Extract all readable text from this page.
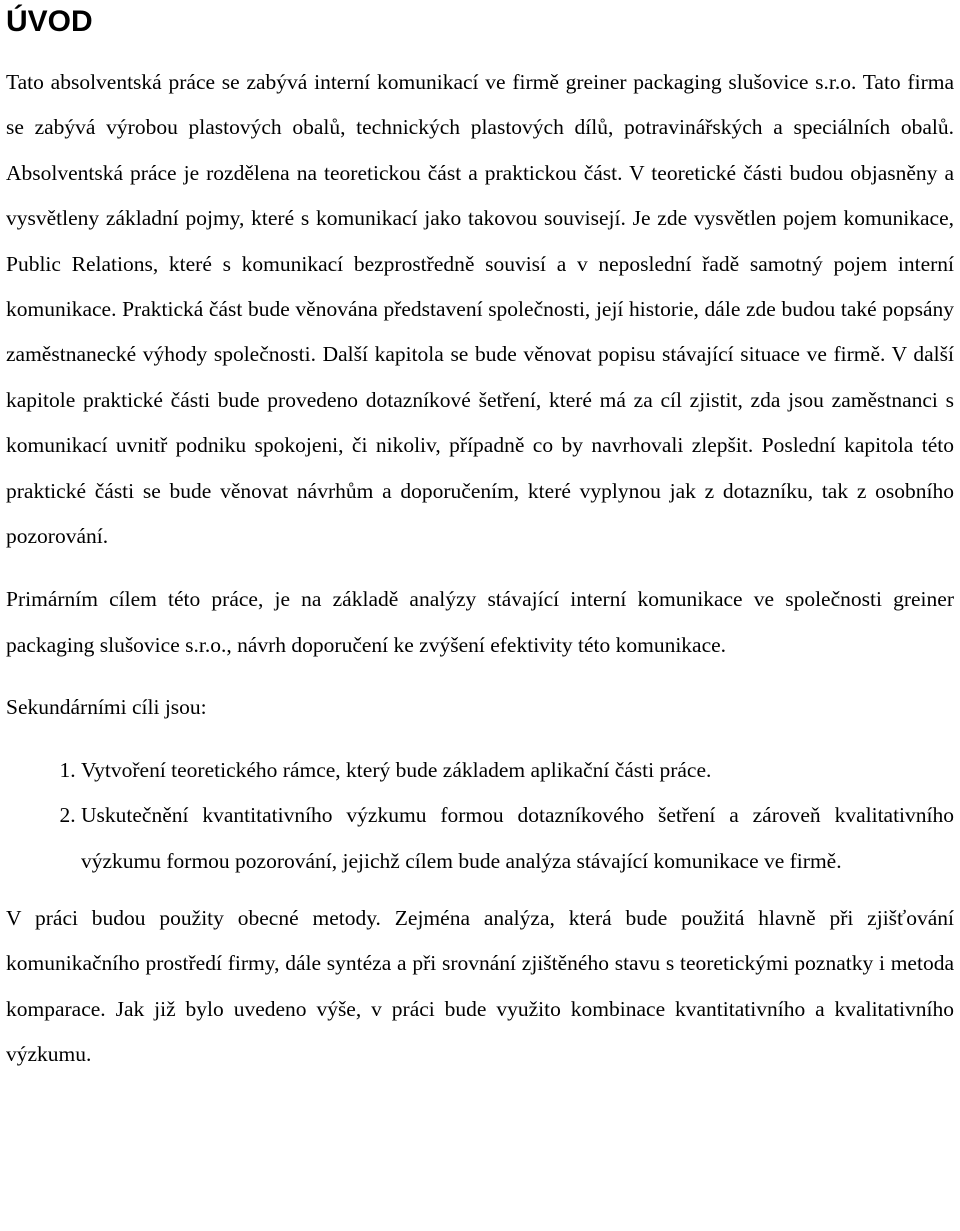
ÚVOD

Tato absolventská práce se zabývá interní komunikací ve firmě greiner packaging slušovice s.r.o. Tato firma se zabývá výrobou plastových obalů, technických plastových dílů, potravinářských a speciálních obalů. Absolventská práce je rozdělena na teoretickou část a praktickou část. V teoretické části budou objasněny a vysvětleny základní pojmy, které s komunikací jako takovou souvisejí. Je zde vysvětlen pojem komunikace, Public Relations, které s komunikací bezprostředně souvisí a v neposlední řadě samotný pojem interní komunikace. Praktická část bude věnována představení společnosti, její historie, dále zde budou také popsány zaměstnanecké výhody společnosti. Další kapitola se bude věnovat popisu stávající situace ve firmě. V další kapitole praktické části bude provedeno dotazníkové šetření, které má za cíl zjistit, zda jsou zaměstnanci s komunikací uvnitř podniku spokojeni, či nikoliv, případně co by navrhovali zlepšit. Poslední kapitola této praktické části se bude věnovat návrhům a doporučením, které vyplynou jak z dotazníku, tak z osobního pozorování.

Primárním cílem této práce, je na základě analýzy stávající interní komunikace ve společnosti greiner packaging slušovice s.r.o., návrh doporučení ke zvýšení efektivity této komunikace.

Sekundárními cíli jsou:

1. Vytvoření teoretického rámce, který bude základem aplikační části práce.
2. Uskutečnění kvantitativního výzkumu formou dotazníkového šetření a zároveň kvalitativního výzkumu formou pozorování, jejichž cílem bude analýza stávající komunikace ve firmě.

V práci budou použity obecné metody. Zejména analýza, která bude použitá hlavně při zjišťování komunikačního prostředí firmy, dále syntéza a při srovnání zjištěného stavu s teoretickými poznatky i metoda komparace. Jak již bylo uvedeno výše, v práci bude využito kombinace kvantitativního a kvalitativního výzkumu.
